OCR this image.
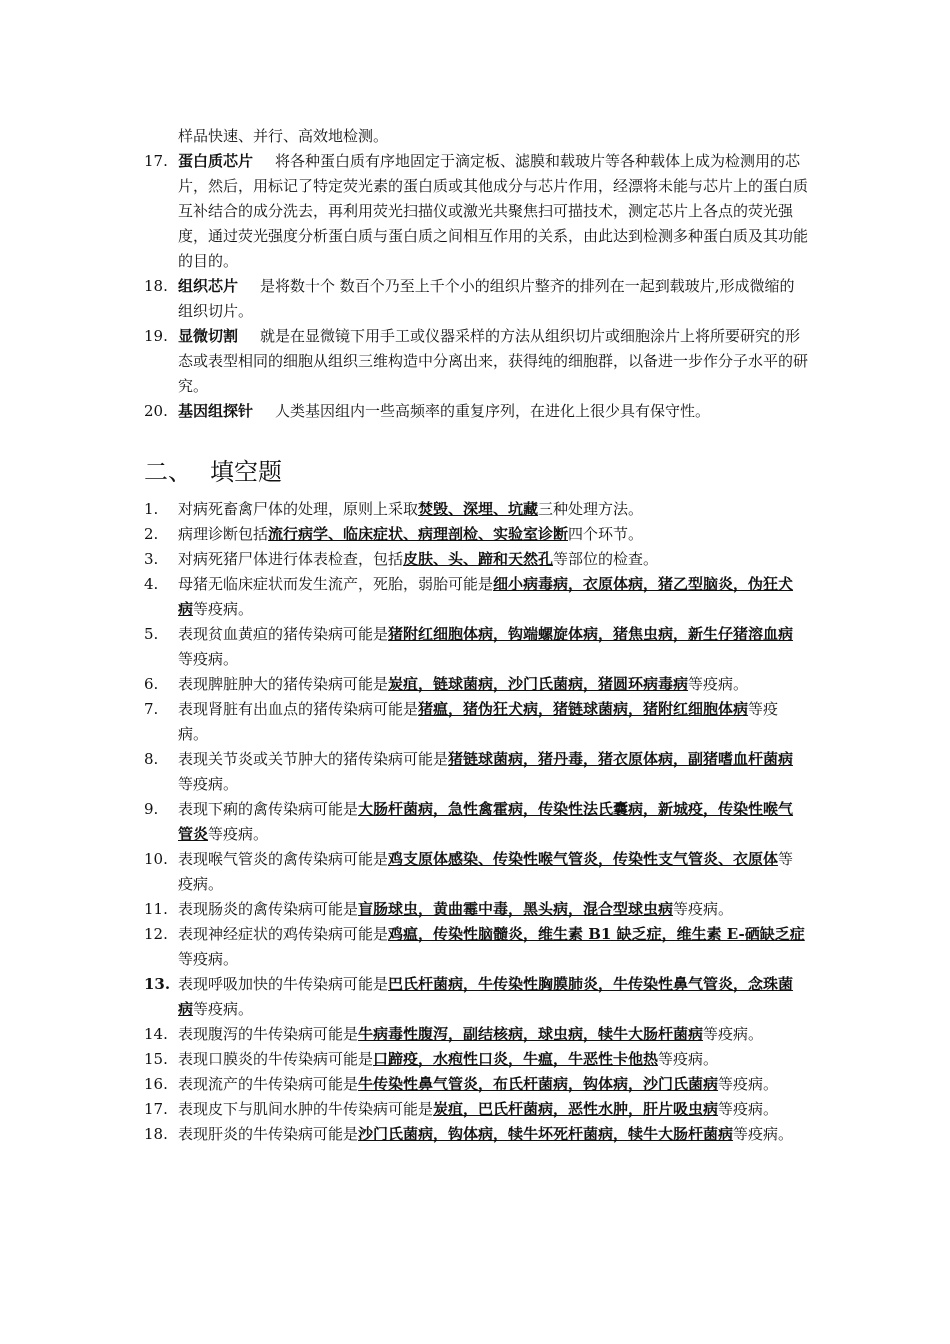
样品快速、并行、高效地检测。
17. 蛋白质芯片 将各种蛋白质有序地固定于滴定板、滤膜和载玻片等各种载体上成为检测用的芯片，然后，用标记了特定荧光素的蛋白质或其他成分与芯片作用，经漂将未能与芯片上的蛋白质互补结合的成分洗去，再利用荧光扫描仪或激光共聚焦扫可描技术，测定芯片上各点的荧光强度，通过荧光强度分析蛋白质与蛋白质之间相互作用的关系，由此达到检测多种蛋白质及其功能的目的。
18. 组织芯片 是将数十个 数百个乃至上千个小的组织片整齐的排列在一起到载玻片,形成微缩的组织切片。
19. 显微切割 就是在显微镜下用手工或仪器采样的方法从组织切片或细胞涂片上将所要研究的形态或表型相同的细胞从组织三维构造中分离出来，获得纯的细胞群，以备进一步作分子水平的研究。
20. 基因组探针 人类基因组内一些高频率的重复序列，在进化上很少具有保守性。
二、 填空题
1.	对病死畜禽尸体的处理，原则上采取焚毁、深埋、坑藏三种处理方法。
2.	病理诊断包括流行病学、临床症状、病理剖检、实验室诊断四个环节。
3.	对病死猪尸体进行体表检查，包括皮肤、头、蹄和天然孔等部位的检查。
4.	母猪无临床症状而发生流产，死胎，弱胎可能是细小病毒病，衣原体病，猪乙型脑炎，伪狂犬病等疫病。
5.	表现贫血黄疸的猪传染病可能是猪附红细胞体病，钩端螺旋体病，猪焦虫病，新生仔猪溶血病等疫病。
6.	表现脾脏肿大的猪传染病可能是炭疽，链球菌病，沙门氏菌病，猪圆环病毒病等疫病。
7.	表现肾脏有出血点的猪传染病可能是猪瘟，猪伪狂犬病，猪链球菌病，猪附红细胞体病等疫病。
8.	表现关节炎或关节肿大的猪传染病可能是猪链球菌病，猪丹毒，猪衣原体病，副猪嗜血杆菌病等疫病。
9.	表现下痢的禽传染病可能是大肠杆菌病，急性禽霍病，传染性法氏囊病，新城疫，传染性喉气管炎等疫病。
10. 表现喉气管炎的禽传染病可能是鸡支原体感染、传染性喉气管炎，传染性支气管炎、衣原体等疫病。
11. 表现肠炎的禽传染病可能是盲肠球虫，黄曲霉中毒，黑头病，混合型球虫病等疫病。
12. 表现神经症状的鸡传染病可能是鸡瘟，传染性脑髓炎，维生素 B1 缺乏症，维生素 E-硒缺乏症等疫病。
13. 表现呼吸加快的牛传染病可能是巴氏杆菌病，牛传染性胸膜肺炎，牛传染性鼻气管炎，念珠菌病等疫病。
14. 表现腹泻的牛传染病可能是牛病毒性腹泻，副结核病，球虫病，犊牛大肠杆菌病等疫病。
15. 表现口膜炎的牛传染病可能是口蹄疫，水疱性口炎，牛瘟，牛恶性卡他热等疫病。
16. 表现流产的牛传染病可能是牛传染性鼻气管炎，布氏杆菌病，钩体病，沙门氏菌病等疫病。
17. 表现皮下与肌间水肿的牛传染病可能是炭疽，巴氏杆菌病，恶性水肿，肝片吸虫病等疫病。
18. 表现肝炎的牛传染病可能是沙门氏菌病，钩体病，犊牛坏死杆菌病，犊牛大肠杆菌病等疫病。
